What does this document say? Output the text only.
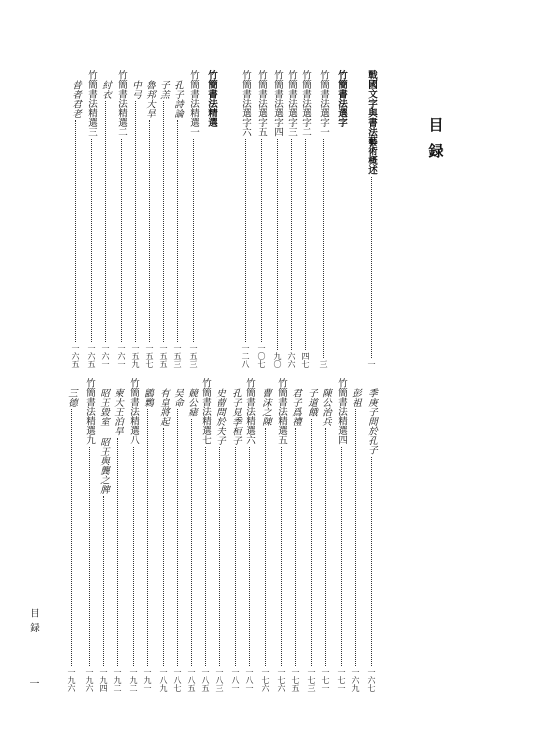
目
録
戰國文字與書法藝術概述
一
竹簡書法選字
竹簡書法選字一
三
竹簡書法選字二
四七
竹簡書法選字三
六六
竹簡書法選字四
九〇
竹簡書法選字五
一〇七
竹簡書法選字六
一二八
竹簡書法精選
竹簡書法精選一
一五三
孔子詩論
一五三
子羔
一五五
魯邦大旱
一五七
中弓
一五九
竹簡書法精選二
一六一
紂衣
一六一
竹簡書法精選三
一六五
昔者君老
一六五
季庚子問於孔子
一六七
彭祖
一六九
竹簡書法精選四
一七一
陳公治兵
一七一
子道餓
一七三
君子爲禮
一七五
竹簡書法精選五
一七六
曹沫之陳
一七六
竹簡書法精選六
一八一
孔子見季桓子
一八一
史蒥問於夫子
一八三
竹簡書法精選七
一八五
競公瘧
一八五
吴命
一八七
有皇將起
一八九
鶹鷅
一九一
竹簡書法精選八
一九二
柬大王泊旱
一九二
昭王毀室 昭王與龔之脾
一九四
竹簡書法精選九
一九六
三德
一九六
目録
一
